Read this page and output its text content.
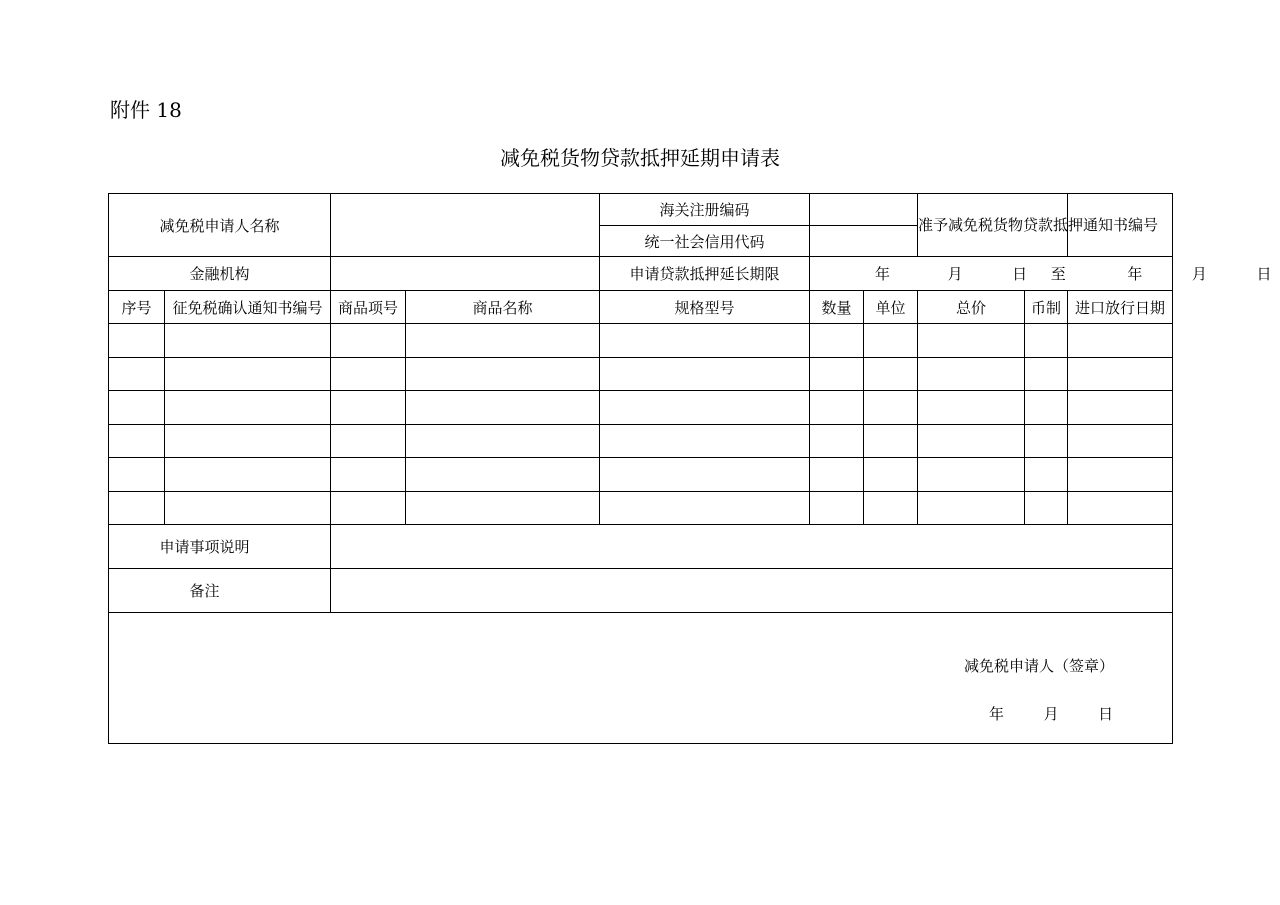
附件 18
减免税货物贷款抵押延期申请表
减免税申请人名称				海关注册编码			准予减免税货物贷款抵押通知书编号		
				统一社会信用代码					
金融机构				申请贷款抵押延长期限	年 月 日 至 年 月 日				
序号	征免税确认通知书编号	商品项号	商品名称	规格型号	数量	单位	总价	币制	进口放行日期

申请事项说明									
备注									

减免税申请人（签章）
年 月 日									
